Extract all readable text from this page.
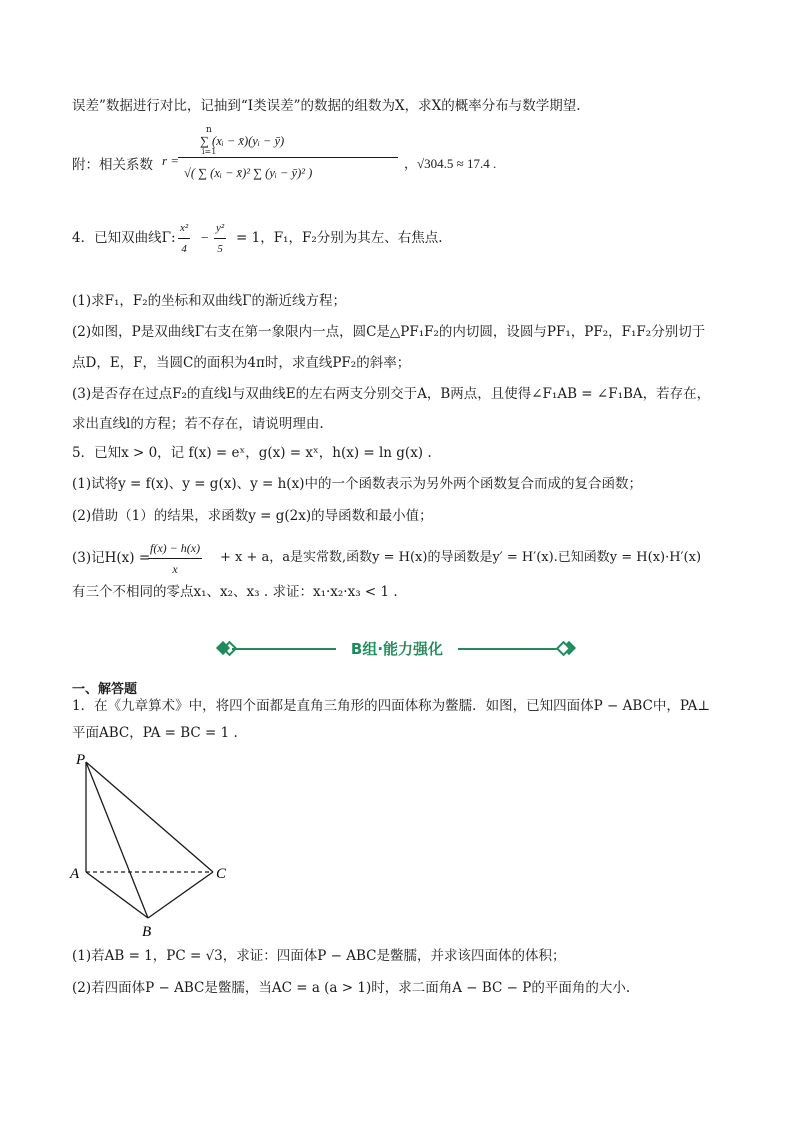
误差”数据进行对比，记抽到“I类误差”的数据的组数为X，求X的概率分布与数学期望.
附：相关系数 r =
n
∑ (xᵢ − x̄)(yᵢ − ȳ)
i=1
√( ∑ (xᵢ − x̄)² ∑ (yᵢ − ȳ)² ) ，√304.5 ≈ 17.4 .
4．已知双曲线Γ: $\frac{\text{x²}}{4} - \frac{\text{y²}}{5} = 1$，F₁，F₂分别为其左、右焦点.
(1)求F₁，F₂的坐标和双曲线Γ的渐近线方程；
(2)如图，P是双曲线Γ右支在第一象限内一点，圆C是△PF₁F₂的内切圆，设圆与PF₁，PF₂，F₁F₂分别切于
点D，E，F，当圆C的面积为4π时，求直线PF₂的斜率；
(3)是否存在过点F₂的直线l与双曲线E的左右两支分别交于A，B两点，且使得∠F₁AB = ∠F₁BA，若存在，
求出直线l的方程；若不存在，请说明理由.
5．已知x > 0，记 f(x) = eˣ，g(x) = xˣ，h(x) = ln g(x) .
(1)试将y = f(x)、y = g(x)、y = h(x)中的一个函数表示为另外两个函数复合而成的复合函数；
(2)借助（1）的结果，求函数y = g(2x)的导函数和最小值；
(3)记H(x) =
$\frac{f(x) - h(x)}{x} + x + a$，a是实常数,函数y = H(x)的导函数是y′ = H′(x).已知函数y = H(x)·H′(x)
有三个不相同的零点x₁、x₂、x₃ . 求证：x₁·x₂·x₃ < 1 .
B组·能力强化
一、解答题
1．在《九章算术》中，将四个面都是直角三角形的四面体称为鳖臑．如图，已知四面体P − ABC中，PA⊥
平面ABC，PA = BC = 1 .
P
A
B
C
(1)若AB = 1，PC = √3，求证：四面体P − ABC是鳖臑，并求该四面体的体积；
(2)若四面体P − ABC是鳖臑，当AC = a (a > 1)时，求二面角A − BC − P的平面角的大小.
